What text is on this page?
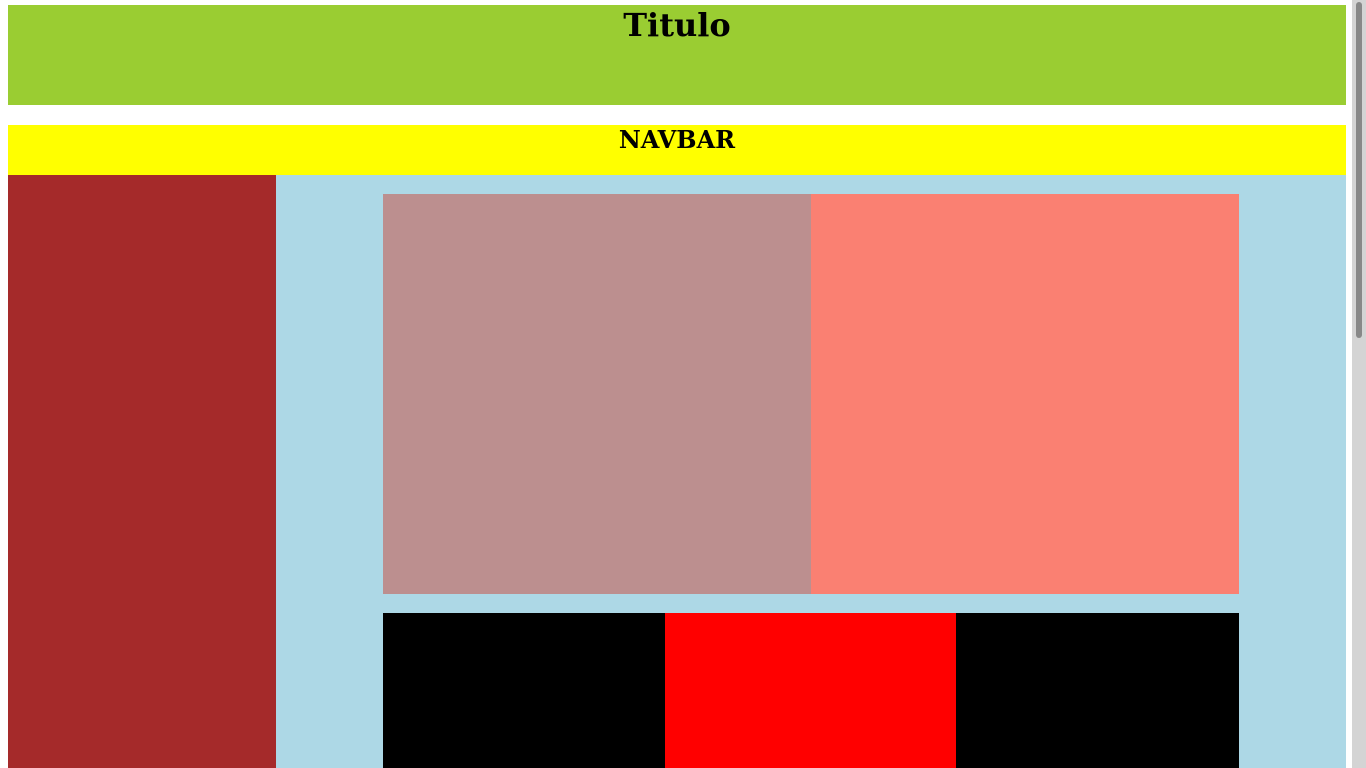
Titulo
NAVBAR
